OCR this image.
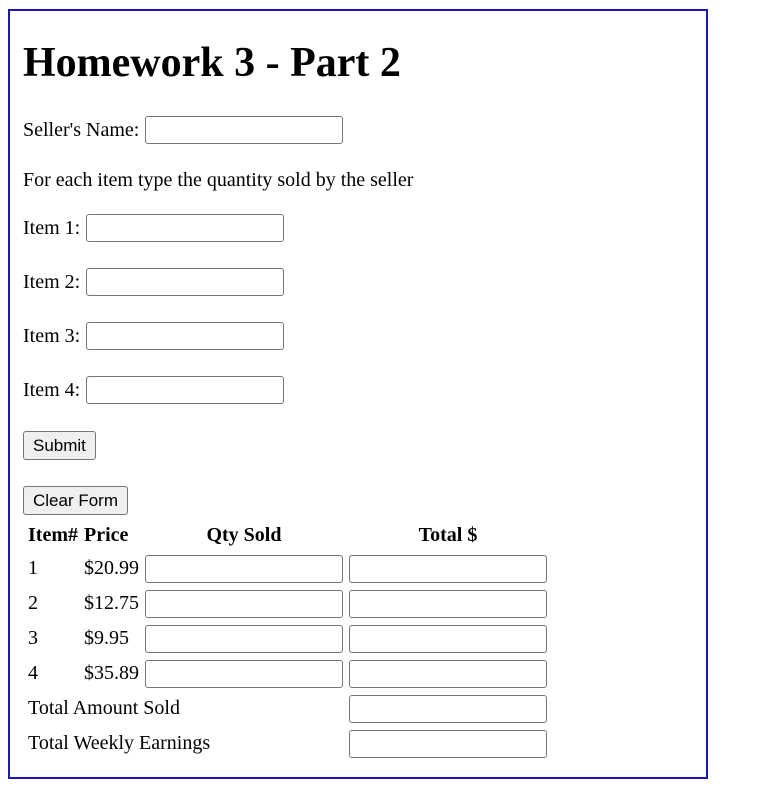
Homework 3 - Part 2
Seller's Name:
For each item type the quantity sold by the seller
Item 1:
Item 2:
Item 3:
Item 4:
Submit
Clear Form
Item#	Price	Qty Sold	Total $
1	$20.99	

2	$12.75	

3	$9.95	

4	$35.89	

Total Amount Sold	

Total Weekly Earnings	
